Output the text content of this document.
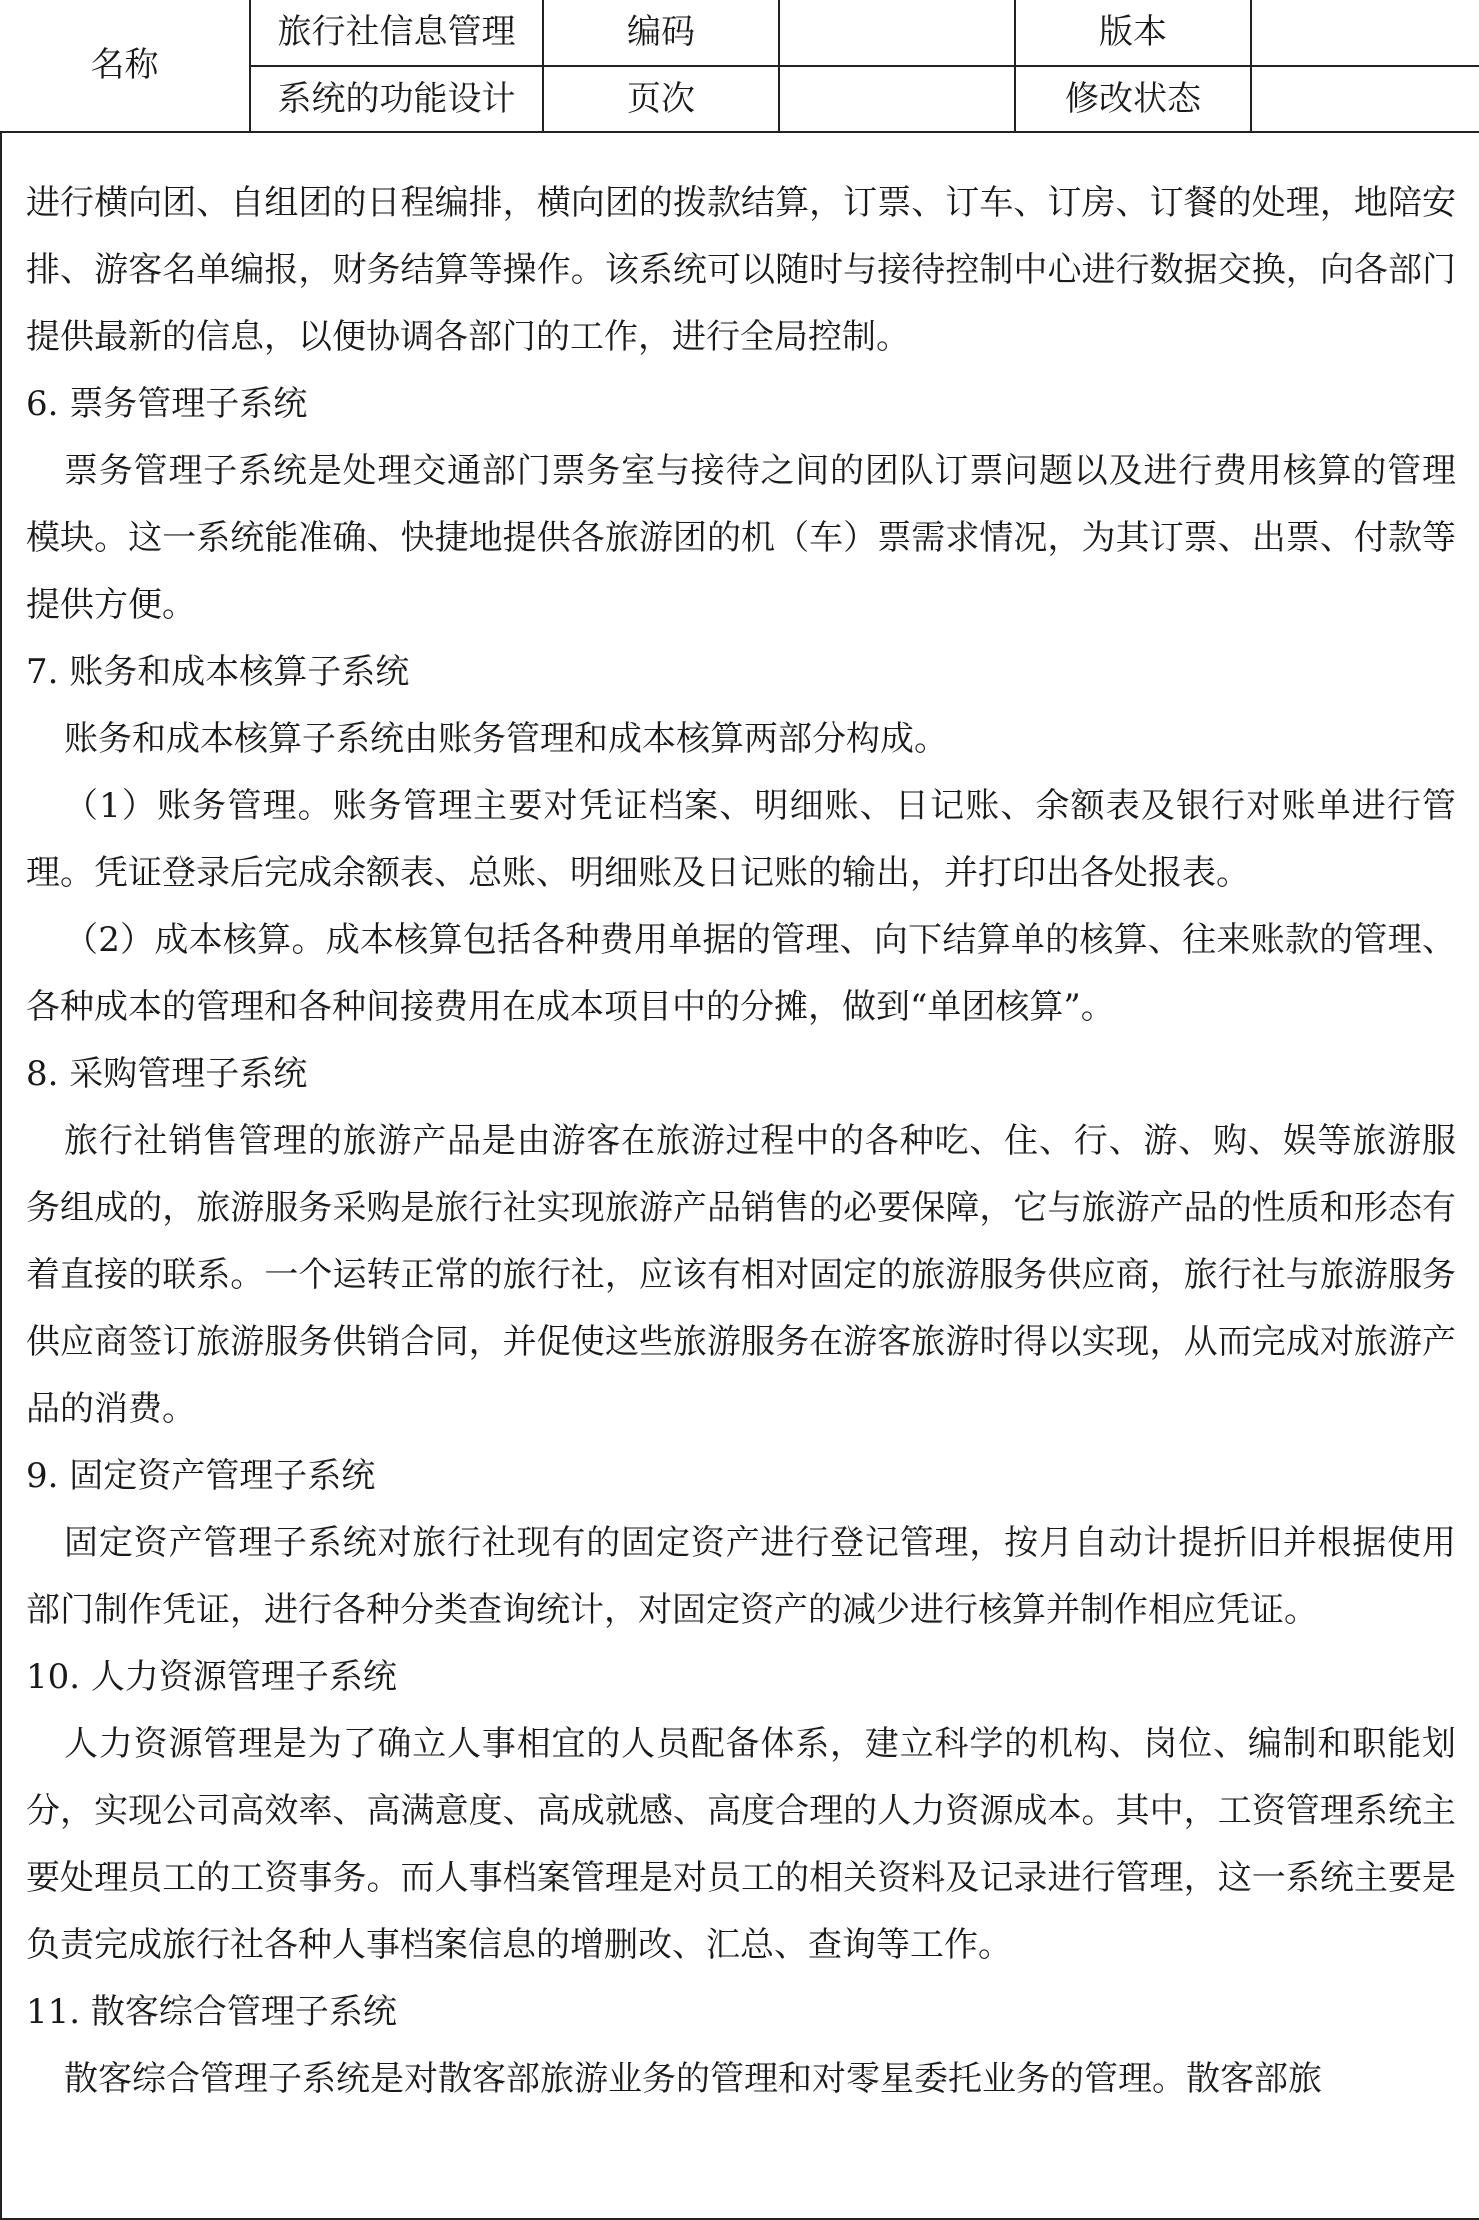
名称	旅行社信息管理	编码		版本	
	系统的功能设计	页次		修改状态	

进行横向团、自组团的日程编排，横向团的拨款结算，订票、订车、订房、订餐的处理，地陪安排、游客名单编报，财务结算等操作。该系统可以随时与接待控制中心进行数据交换，向各部门提供最新的信息，以便协调各部门的工作，进行全局控制。

6. 票务管理子系统

票务管理子系统是处理交通部门票务室与接待之间的团队订票问题以及进行费用核算的管理模块。这一系统能准确、快捷地提供各旅游团的机（车）票需求情况，为其订票、出票、付款等提供方便。

7. 账务和成本核算子系统

账务和成本核算子系统由账务管理和成本核算两部分构成。

（1）账务管理。账务管理主要对凭证档案、明细账、日记账、余额表及银行对账单进行管理。凭证登录后完成余额表、总账、明细账及日记账的输出，并打印出各处报表。

（2）成本核算。成本核算包括各种费用单据的管理、向下结算单的核算、往来账款的管理、各种成本的管理和各种间接费用在成本项目中的分摊，做到“单团核算”。

8. 采购管理子系统

旅行社销售管理的旅游产品是由游客在旅游过程中的各种吃、住、行、游、购、娱等旅游服务组成的，旅游服务采购是旅行社实现旅游产品销售的必要保障，它与旅游产品的性质和形态有着直接的联系。一个运转正常的旅行社，应该有相对固定的旅游服务供应商，旅行社与旅游服务供应商签订旅游服务供销合同，并促使这些旅游服务在游客旅游时得以实现，从而完成对旅游产品的消费。

9. 固定资产管理子系统

固定资产管理子系统对旅行社现有的固定资产进行登记管理，按月自动计提折旧并根据使用部门制作凭证，进行各种分类查询统计，对固定资产的减少进行核算并制作相应凭证。

10. 人力资源管理子系统

人力资源管理是为了确立人事相宜的人员配备体系，建立科学的机构、岗位、编制和职能划分，实现公司高效率、高满意度、高成就感、高度合理的人力资源成本。其中，工资管理系统主要处理员工的工资事务。而人事档案管理是对员工的相关资料及记录进行管理，这一系统主要是负责完成旅行社各种人事档案信息的增删改、汇总、查询等工作。

11. 散客综合管理子系统

散客综合管理子系统是对散客部旅游业务的管理和对零星委托业务的管理。散客部旅
